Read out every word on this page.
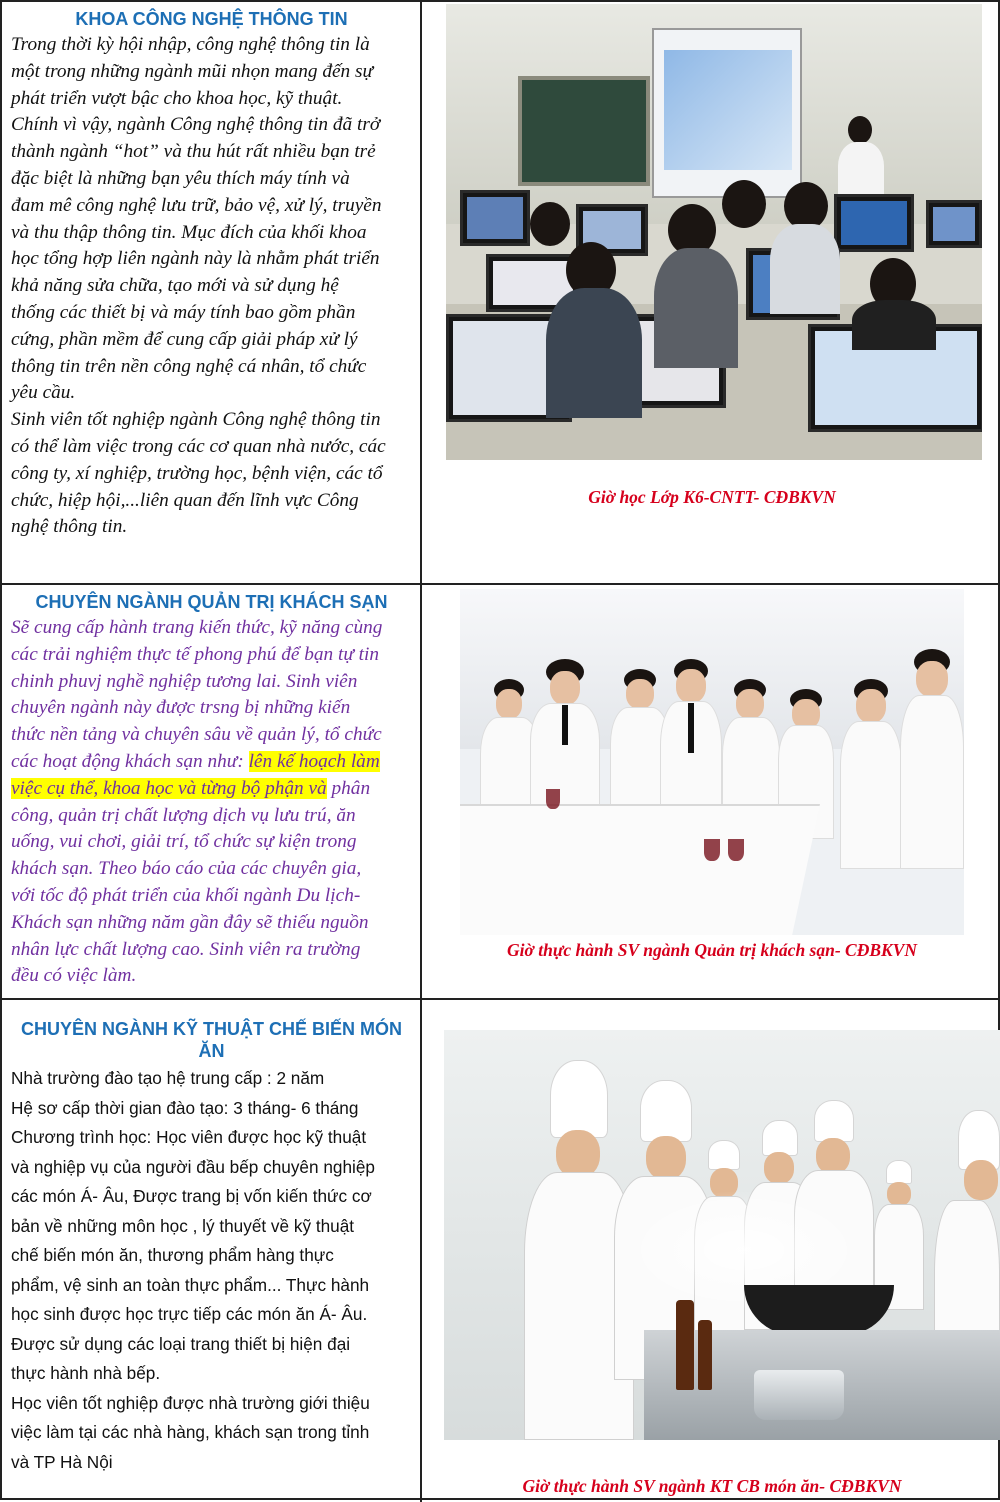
KHOA CÔNG NGHỆ THÔNG TIN
Trong thời kỳ hội nhập, công nghệ thông tin là
một trong những ngành mũi nhọn mang đến sự
phát triển vượt bậc cho khoa học, kỹ thuật.
Chính vì vậy, ngành Công nghệ thông tin đã trở
thành ngành “hot” và thu hút rất nhiều bạn trẻ
đặc biệt là những bạn yêu thích máy tính và
đam mê công nghệ lưu trữ, bảo vệ, xử lý, truyền
và thu thập thông tin. Mục đích của khối khoa
học tổng hợp liên ngành này là nhằm phát triển
khả năng sửa chữa, tạo mới và sử dụng hệ
thống các thiết bị và máy tính bao gồm phần
cứng, phần mềm để cung cấp giải pháp xử lý
thông tin trên nền công nghệ cá nhân, tổ chức
yêu cầu.
Sinh viên tốt nghiệp ngành Công nghệ thông tin
có thể làm việc trong các cơ quan nhà nước, các
công ty, xí nghiệp, trường học, bệnh viện, các tổ
chức, hiệp hội,...liên quan đến lĩnh vực Công
nghệ thông tin.
Giờ học Lớp K6-CNTT- CĐBKVN
CHUYÊN NGÀNH QUẢN TRỊ KHÁCH SẠN
Sẽ cung cấp hành trang kiến thức, kỹ năng cùng
các trải nghiệm thực tế phong phú để bạn tự tin
chinh phuvj nghề nghiệp tương lai. Sinh viên
chuyên ngành này được trsng bị những kiến
thức nền tảng và chuyên sâu về quản lý, tổ chức
các hoạt động khách sạn như: lên kế hoạch làm
việc cụ thể, khoa học và từng bộ phận và phân
công, quản trị chất lượng dịch vụ lưu trú, ăn
uống, vui chơi, giải trí, tổ chức sự kiện trong
khách sạn. Theo báo cáo của các chuyên gia,
với tốc độ phát triển của khối ngành Du lịch-
Khách sạn những năm gần đây sẽ thiếu nguồn
nhân lực chất lượng cao. Sinh viên ra trường
đều có việc làm.
Giờ thực hành SV ngành Quản trị khách sạn- CĐBKVN
CHUYÊN NGÀNH KỸ THUẬT CHẾ BIẾN MÓN ĂN
Nhà trường đào tạo hệ trung cấp : 2 năm
Hệ sơ cấp thời gian đào tạo: 3 tháng- 6 tháng
Chương trình học: Học viên được học kỹ thuật
và nghiệp vụ của người đầu bếp chuyên nghiệp
các món Á- Âu, Được trang bị vốn kiến thức cơ
bản về những môn học , lý thuyết về kỹ thuật
chế biến món ăn, thương phẩm hàng thực
phẩm, vệ sinh an toàn thực phẩm... Thực hành
học sinh được học trực tiếp các món ăn Á- Âu.
Được sử dụng các loại trang thiết bị hiện đại
thực hành nhà bếp.
Học viên tốt nghiệp được nhà trường giới thiệu
việc làm tại các nhà hàng, khách sạn trong tỉnh
và TP Hà Nội
Giờ thực hành SV ngành KT CB món ăn- CĐBKVN
